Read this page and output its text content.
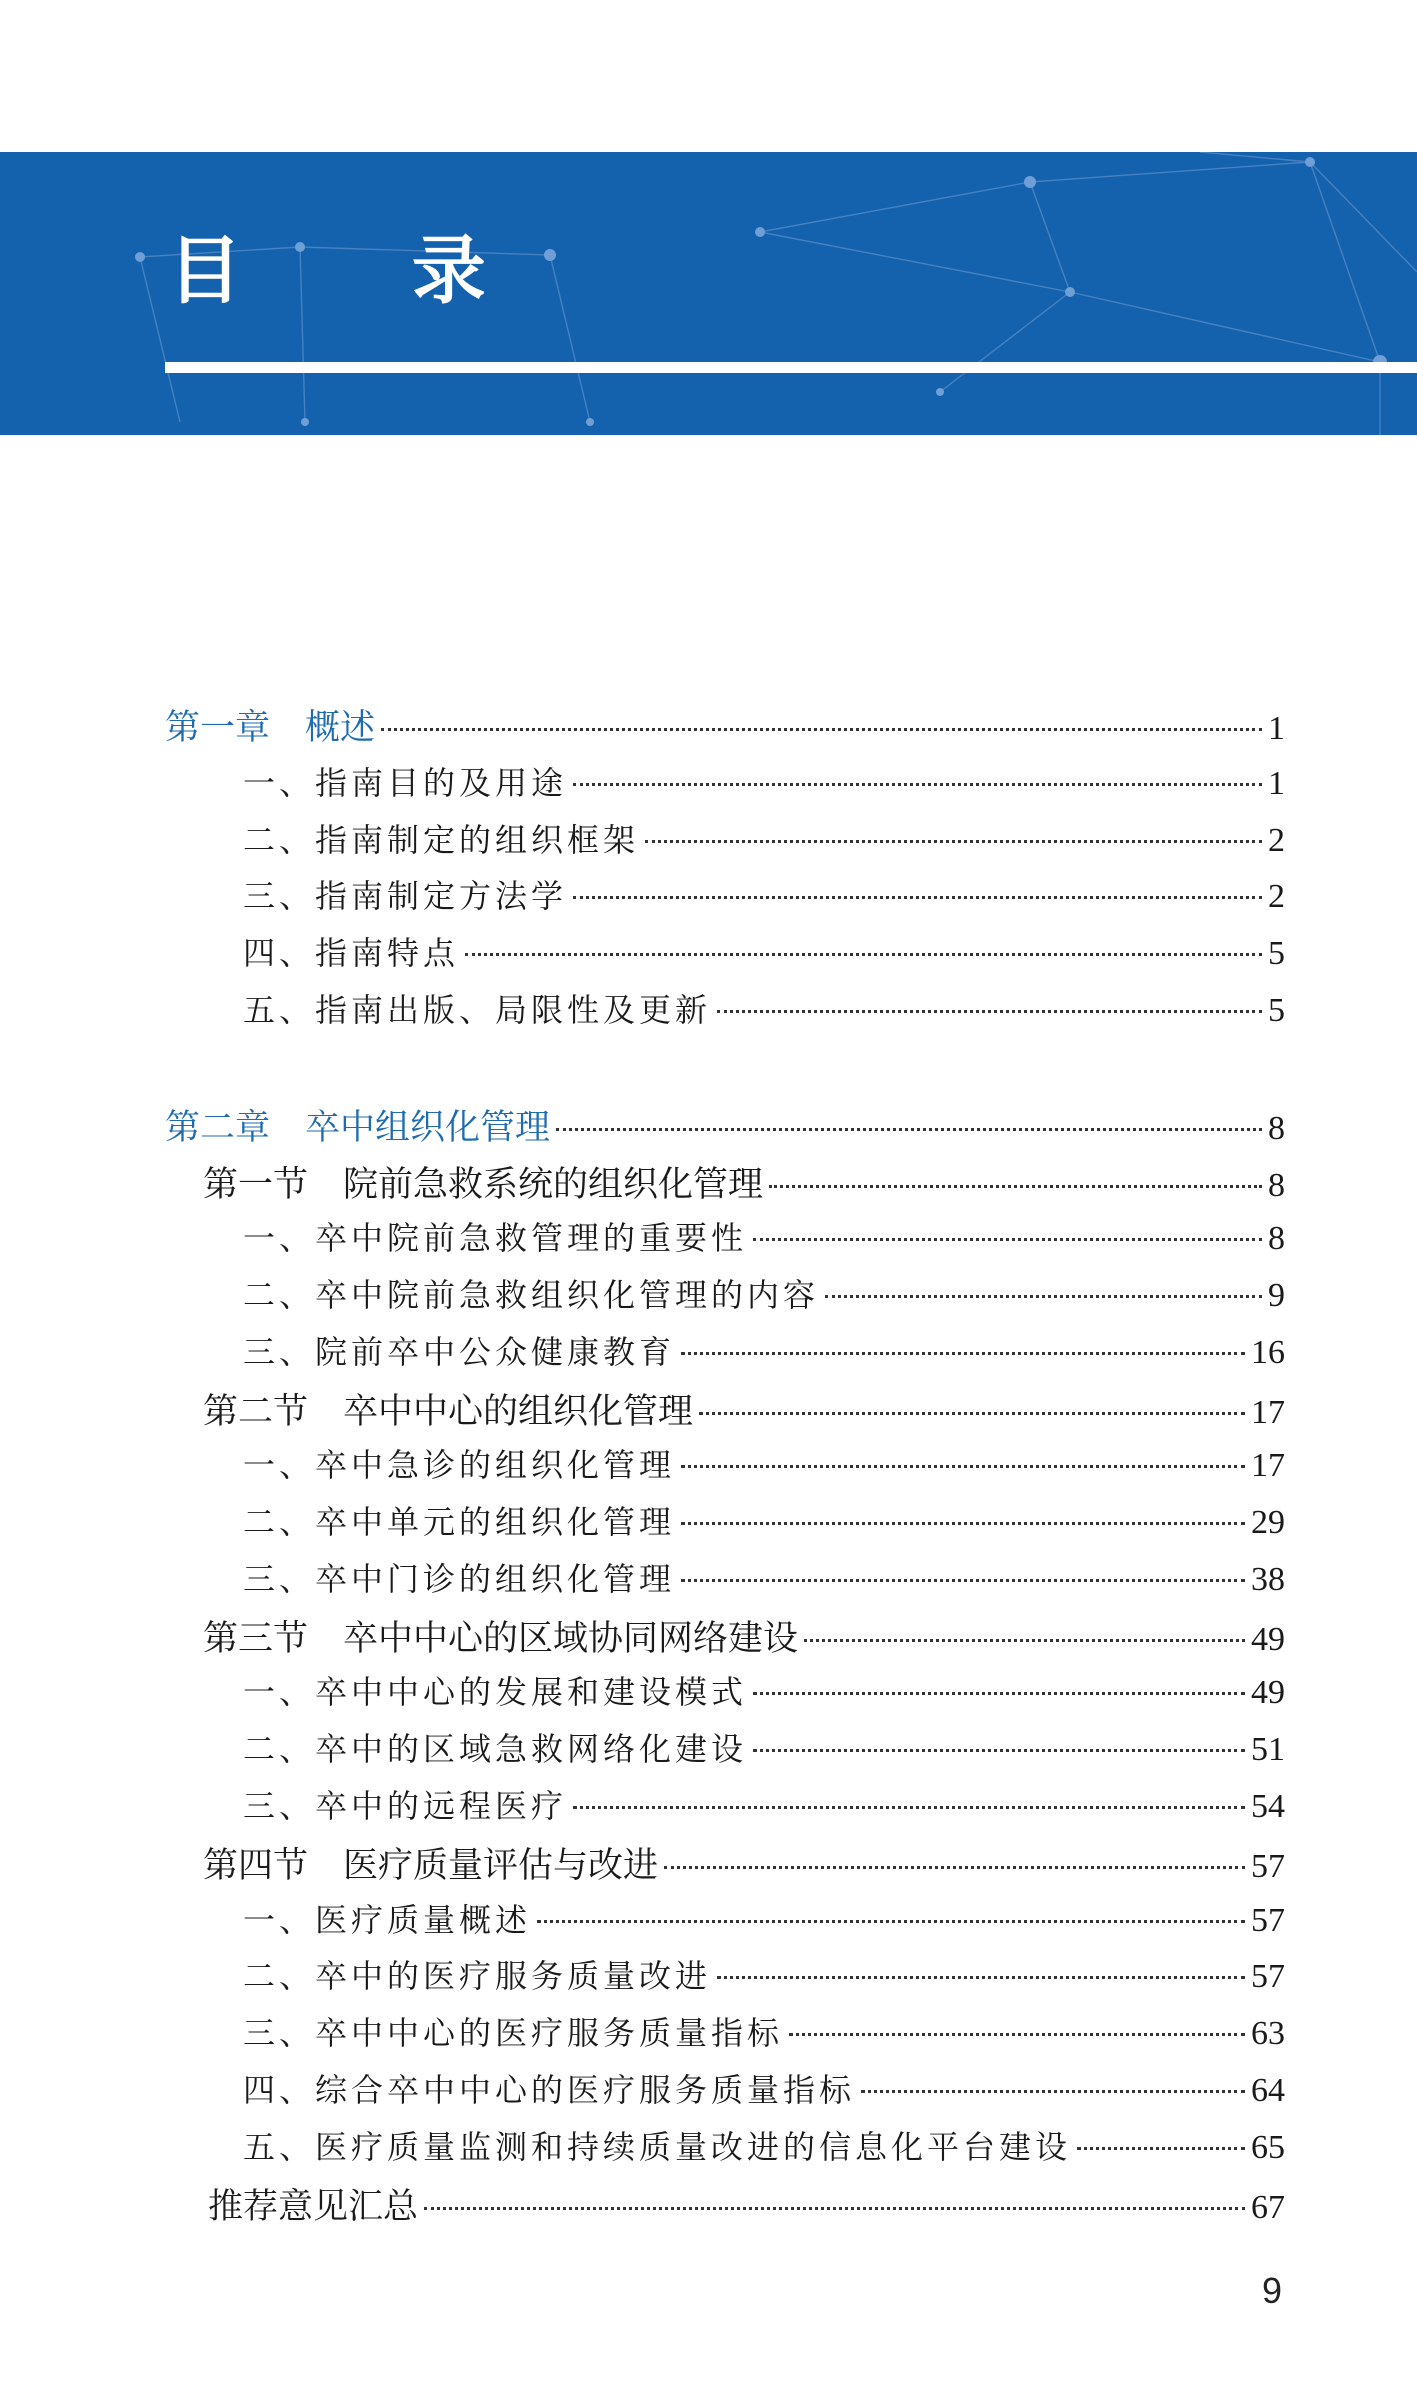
目 录
第一章　概述	1
一、指南目的及用途	1
二、指南制定的组织框架	2
三、指南制定方法学	2
四、指南特点	5
五、指南出版、局限性及更新	5
第二章　卒中组织化管理	8
第一节　院前急救系统的组织化管理	8
一、卒中院前急救管理的重要性	8
二、卒中院前急救组织化管理的内容	9
三、院前卒中公众健康教育	16
第二节　卒中中心的组织化管理	17
一、卒中急诊的组织化管理	17
二、卒中单元的组织化管理	29
三、卒中门诊的组织化管理	38
第三节　卒中中心的区域协同网络建设	49
一、卒中中心的发展和建设模式	49
二、卒中的区域急救网络化建设	51
三、卒中的远程医疗	54
第四节　医疗质量评估与改进	57
一、医疗质量概述	57
二、卒中的医疗服务质量改进	57
三、卒中中心的医疗服务质量指标	63
四、综合卒中中心的医疗服务质量指标	64
五、医疗质量监测和持续质量改进的信息化平台建设	65
推荐意见汇总	67
9
